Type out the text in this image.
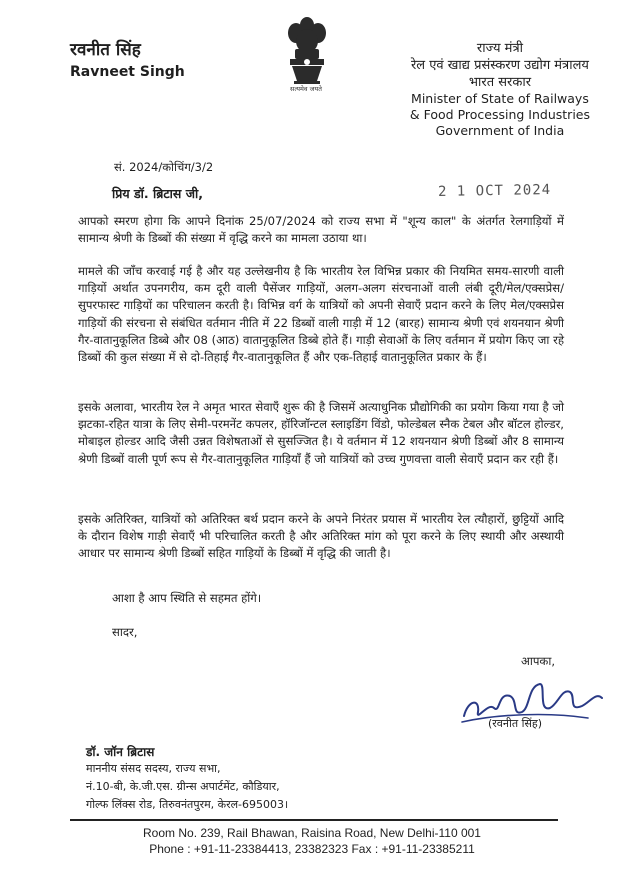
रवनीत सिंह
Ravneet Singh
सत्यमेव जयते
राज्य मंत्री
रेल एवं खाद्य प्रसंस्करण उद्योग मंत्रालय
भारत सरकार
Minister of State of Railways
& Food Processing Industries
Government of India
सं. 2024/कोचिंग/3/2
2 1 OCT 2024
प्रिय डॉ. ब्रिटास जी,
आपको स्मरण होगा कि आपने दिनांक 25/07/2024 को राज्य सभा में "शून्य काल" के अंतर्गत रेलगाड़ियों में सामान्य श्रेणी के डिब्बों की संख्या में वृद्धि करने का मामला उठाया था।
मामले की जाँच करवाई गई है और यह उल्लेखनीय है कि भारतीय रेल विभिन्न प्रकार की नियमित समय-सारणी वाली गाड़ियों अर्थात उपनगरीय, कम दूरी वाली पैसेंजर गाड़ियों, अलग-अलग संरचनाओं वाली लंबी दूरी/मेल/एक्सप्रेस/सुपरफास्ट गाड़ियों का परिचालन करती है। विभिन्न वर्ग के यात्रियों को अपनी सेवाएँ प्रदान करने के लिए मेल/एक्सप्रेस गाड़ियों की संरचना से संबंधित वर्तमान नीति में 22 डिब्बों वाली गाड़ी में 12 (बारह) सामान्य श्रेणी एवं शयनयान श्रेणी गैर-वातानुकूलित डिब्बे और 08 (आठ) वातानुकूलित डिब्बे होते हैं। गाड़ी सेवाओं के लिए वर्तमान में प्रयोग किए जा रहे डिब्बों की कुल संख्या में से दो-तिहाई गैर-वातानुकूलित हैं और एक-तिहाई वातानुकूलित प्रकार के हैं।
इसके अलावा, भारतीय रेल ने अमृत भारत सेवाएँ शुरू की है जिसमें अत्याधुनिक प्रौद्योगिकी का प्रयोग किया गया है जो झटका-रहित यात्रा के लिए सेमी-परमनेंट कपलर, हॉरिजॉन्टल स्लाइडिंग विंडो, फोल्डेबल स्नैक टेबल और बॉटल होल्डर, मोबाइल होल्डर आदि जैसी उन्नत विशेषताओं से सुसज्जित है। ये वर्तमान में 12 शयनयान श्रेणी डिब्बों और 8 सामान्य श्रेणी डिब्बों वाली पूर्ण रूप से गैर-वातानुकूलित गाड़ियाँ हैं जो यात्रियों को उच्च गुणवत्ता वाली सेवाएँ प्रदान कर रही हैं।
इसके अतिरिक्त, यात्रियों को अतिरिक्त बर्थ प्रदान करने के अपने निरंतर प्रयास में भारतीय रेल त्यौहारों, छुट्टियों आदि के दौरान विशेष गाड़ी सेवाएँ भी परिचालित करती है और अतिरिक्त मांग को पूरा करने के लिए स्थायी और अस्थायी आधार पर सामान्य श्रेणी डिब्बों सहित गाड़ियों के डिब्बों में वृद्धि की जाती है।
आशा है आप स्थिति से सहमत होंगे।
सादर,
आपका,
(रवनीत सिंह)
डॉ. जॉन ब्रिटास
माननीय संसद सदस्य, राज्य सभा,
नं.10-बी, के.जी.एस. ग्रीन्स अपार्टमेंट, कौडियार,
गोल्फ लिंक्स रोड, तिरुवनंतपुरम, केरल-695003।
Room No. 239, Rail Bhawan, Raisina Road, New Delhi-110 001
Phone : +91-11-23384413, 23382323 Fax : +91-11-23385211
